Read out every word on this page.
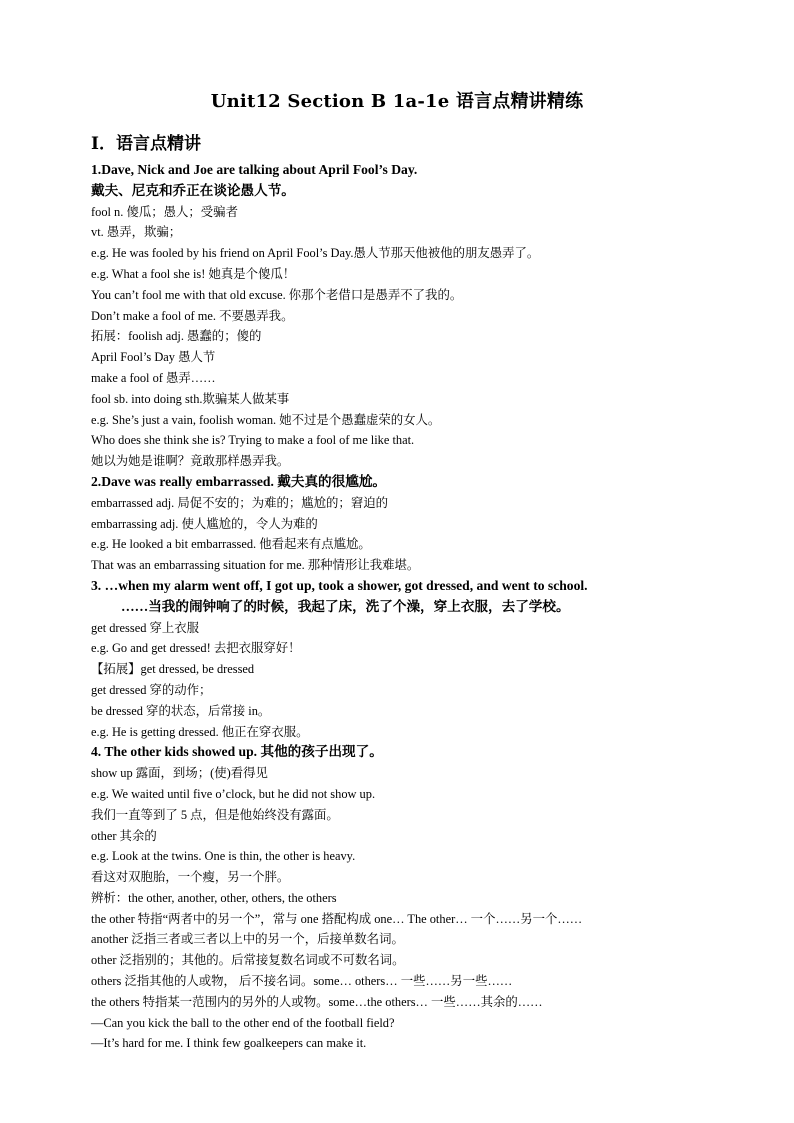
Unit12 Section B 1a-1e 语言点精讲精练
I．语言点精讲
1.Dave, Nick and Joe are talking about April Fool’s Day.
戴夫、尼克和乔正在谈论愚人节。
fool n. 傻瓜；愚人；受骗者
vt. 愚弄，欺骗；
e.g. He was fooled by his friend on April Fool’s Day.愚人节那天他被他的朋友愚弄了。
e.g. What a fool she is! 她真是个傻瓜！
You can’t fool me with that old excuse. 你那个老借口是愚弄不了我的。
Don’t make a fool of me. 不要愚弄我。
拓展：foolish adj. 愚蠢的；傻的
April Fool’s Day 愚人节
make a fool of 愚弄……
fool sb. into doing sth.欺骗某人做某事
e.g. She’s just a vain, foolish woman. 她不过是个愚蠢虚荣的女人。
Who does she think she is? Trying to make a fool of me like that.
她以为她是谁啊？竟敢那样愚弄我。
2.Dave was really embarrassed. 戴夫真的很尴尬。
embarrassed adj. 局促不安的；为难的；尴尬的；窘迫的
embarrassing adj. 使人尴尬的，令人为难的
e.g. He looked a bit embarrassed. 他看起来有点尴尬。
That was an embarrassing situation for me. 那种情形让我难堪。
3. …when my alarm went off, I got up, took a shower, got dressed, and went to school.
……当我的闹钟响了的时候，我起了床，洗了个澡，穿上衣服，去了学校。
get dressed 穿上衣服
e.g. Go and get dressed! 去把衣服穿好！
【拓展】get dressed, be dressed
get dressed 穿的动作；
be dressed 穿的状态，后常接 in。
e.g. He is getting dressed. 他正在穿衣服。
4. The other kids showed up. 其他的孩子出现了。
show up 露面，到场；(使)看得见
e.g. We waited until five o’clock, but he did not show up.
我们一直等到了 5 点，但是他始终没有露面。
other 其余的
e.g. Look at the twins. One is thin, the other is heavy.
看这对双胞胎，一个瘦，另一个胖。
辨析：the other, another, other, others, the others
the other 特指“两者中的另一个”，常与 one 搭配构成 one… The other… 一个……另一个……
another 泛指三者或三者以上中的另一个，后接单数名词。
other 泛指别的；其他的。后常接复数名词或不可数名词。
others 泛指其他的人或物， 后不接名词。some… others… 一些……另一些……
the others 特指某一范围内的另外的人或物。some…the others… 一些……其余的……
—Can you kick the ball to the other end of the football field?
—It’s hard for me. I think few goalkeepers can make it.
